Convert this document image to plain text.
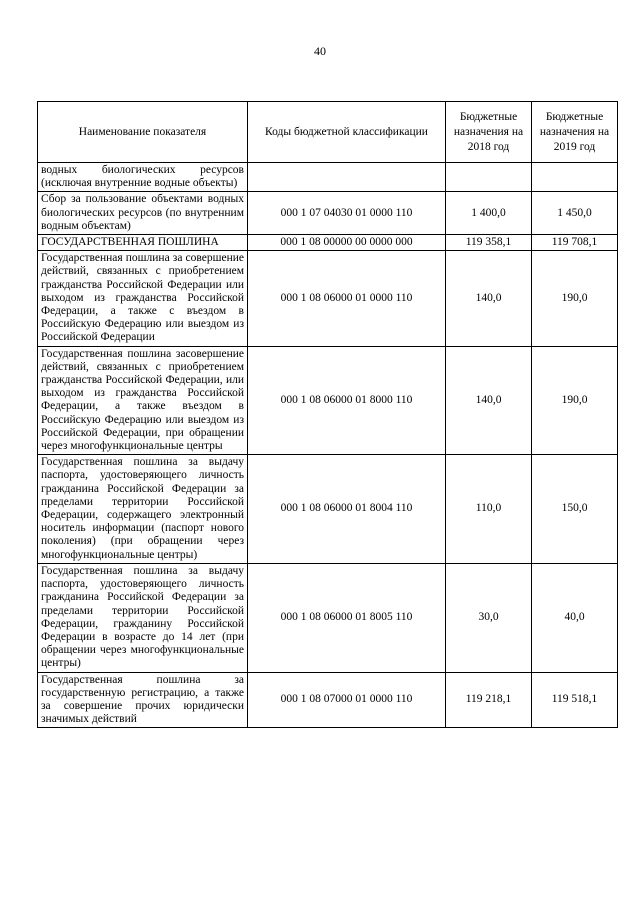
40
Наименование показателя	Коды бюджетной классификации	Бюджетные назначения на 2018 год	Бюджетные назначения на 2019 год
водных биологических ресурсов (исключая внутренние водные объекты)			
Сбор за пользование объектами водных биологических ресурсов (по внутренним водным объектам)	000 1 07 04030 01 0000 110	1 400,0	1 450,0
ГОСУДАРСТВЕННАЯ ПОШЛИНА	000 1 08 00000 00 0000 000	119 358,1	119 708,1
Государственная пошлина за совершение действий, связанных с приобретением гражданства Российской Федерации или выходом из гражданства Российской Федерации, а также с въездом в Российскую Федерацию или выездом из Российской Федерации	000 1 08 06000 01 0000 110	140,0	190,0
Государственная пошлина засовершение действий, связанных с приобретением гражданства Российской Федерации, или выходом из гражданства Российской Федерации, а также въездом в Российскую Федерацию или выездом из Российской Федерации, при обращении через многофункциональные центры	000 1 08 06000 01 8000 110	140,0	190,0
Государственная пошлина за выдачу паспорта, удостоверяющего личность гражданина Российской Федерации за пределами территории Российской Федерации, содержащего электронный носитель информации (паспорт нового поколения) (при обращении через многофункциональные центры)	000 1 08 06000 01 8004 110	110,0	150,0
Государственная пошлина за выдачу паспорта, удостоверяющего личность гражданина Российской Федерации за пределами территории Российской Федерации, гражданину Российской Федерации в возрасте до 14 лет (при обращении через многофункциональные центры)	000 1 08 06000 01 8005 110	30,0	40,0
Государственная пошлина за государственную регистрацию, а также за совершение прочих юридически значимых действий	000 1 08 07000 01 0000 110	119 218,1	119 518,1
